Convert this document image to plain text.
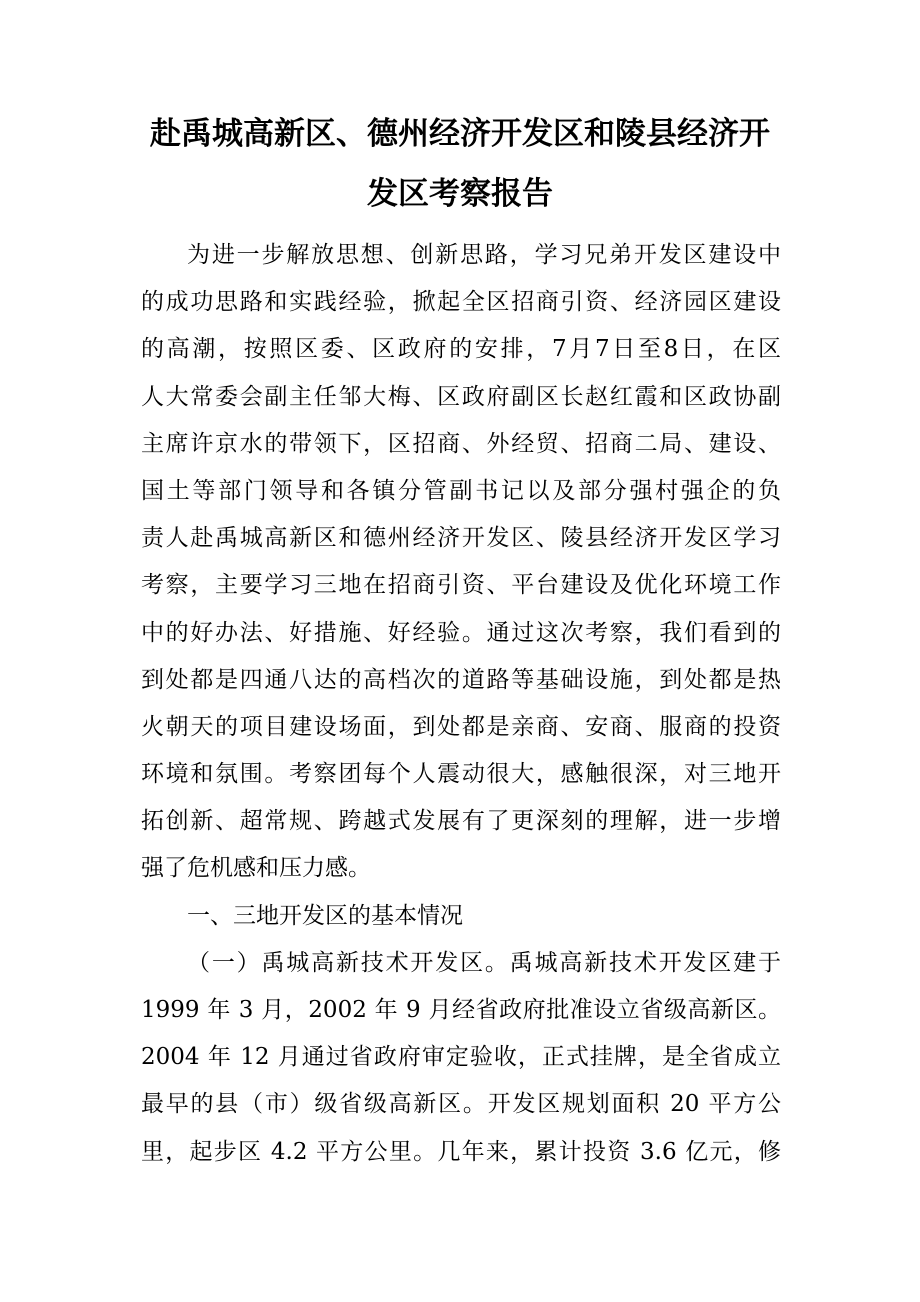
赴禹城高新区、德州经济开发区和陵县经济开
发区考察报告
为进一步解放思想、创新思路，学习兄弟开发区建设中
的成功思路和实践经验，掀起全区招商引资、经济园区建设
的高潮，按照区委、区政府的安排，7月7日至8日，在区
人大常委会副主任邹大梅、区政府副区长赵红霞和区政协副
主席许京水的带领下，区招商、外经贸、招商二局、建设、
国土等部门领导和各镇分管副书记以及部分强村强企的负
责人赴禹城高新区和德州经济开发区、陵县经济开发区学习
考察，主要学习三地在招商引资、平台建设及优化环境工作
中的好办法、好措施、好经验。通过这次考察，我们看到的
到处都是四通八达的高档次的道路等基础设施，到处都是热
火朝天的项目建设场面，到处都是亲商、安商、服商的投资
环境和氛围。考察团每个人震动很大，感触很深，对三地开
拓创新、超常规、跨越式发展有了更深刻的理解，进一步增
强了危机感和压力感。
一、三地开发区的基本情况
（一）禹城高新技术开发区。禹城高新技术开发区建于
1999 年 3 月，2002 年 9 月经省政府批准设立省级高新区。
2004 年 12 月通过省政府审定验收，正式挂牌，是全省成立
最早的县（市）级省级高新区。开发区规划面积 20 平方公
里，起步区 4.2 平方公里。几年来，累计投资 3.6 亿元，修
